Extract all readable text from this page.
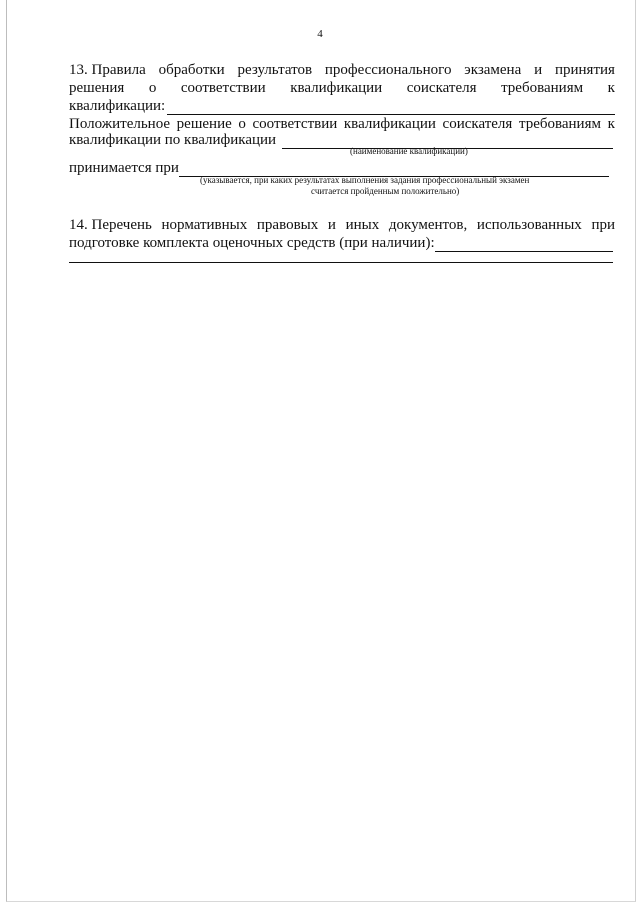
4
13. Правила обработки результатов профессионального экзамена и принятия
решения о соответствии квалификации соискателя требованиям к
квалификации:
Положительное решение о соответствии квалификации соискателя требованиям к
квалификации по квалификации
(наименование квалификации)
принимается при
(указывается, при каких результатах выполнения задания профессиональный экзамен
считается пройденным положительно)
14. Перечень нормативных правовых и иных документов, использованных при
подготовке комплекта оценочных средств (при наличии):
